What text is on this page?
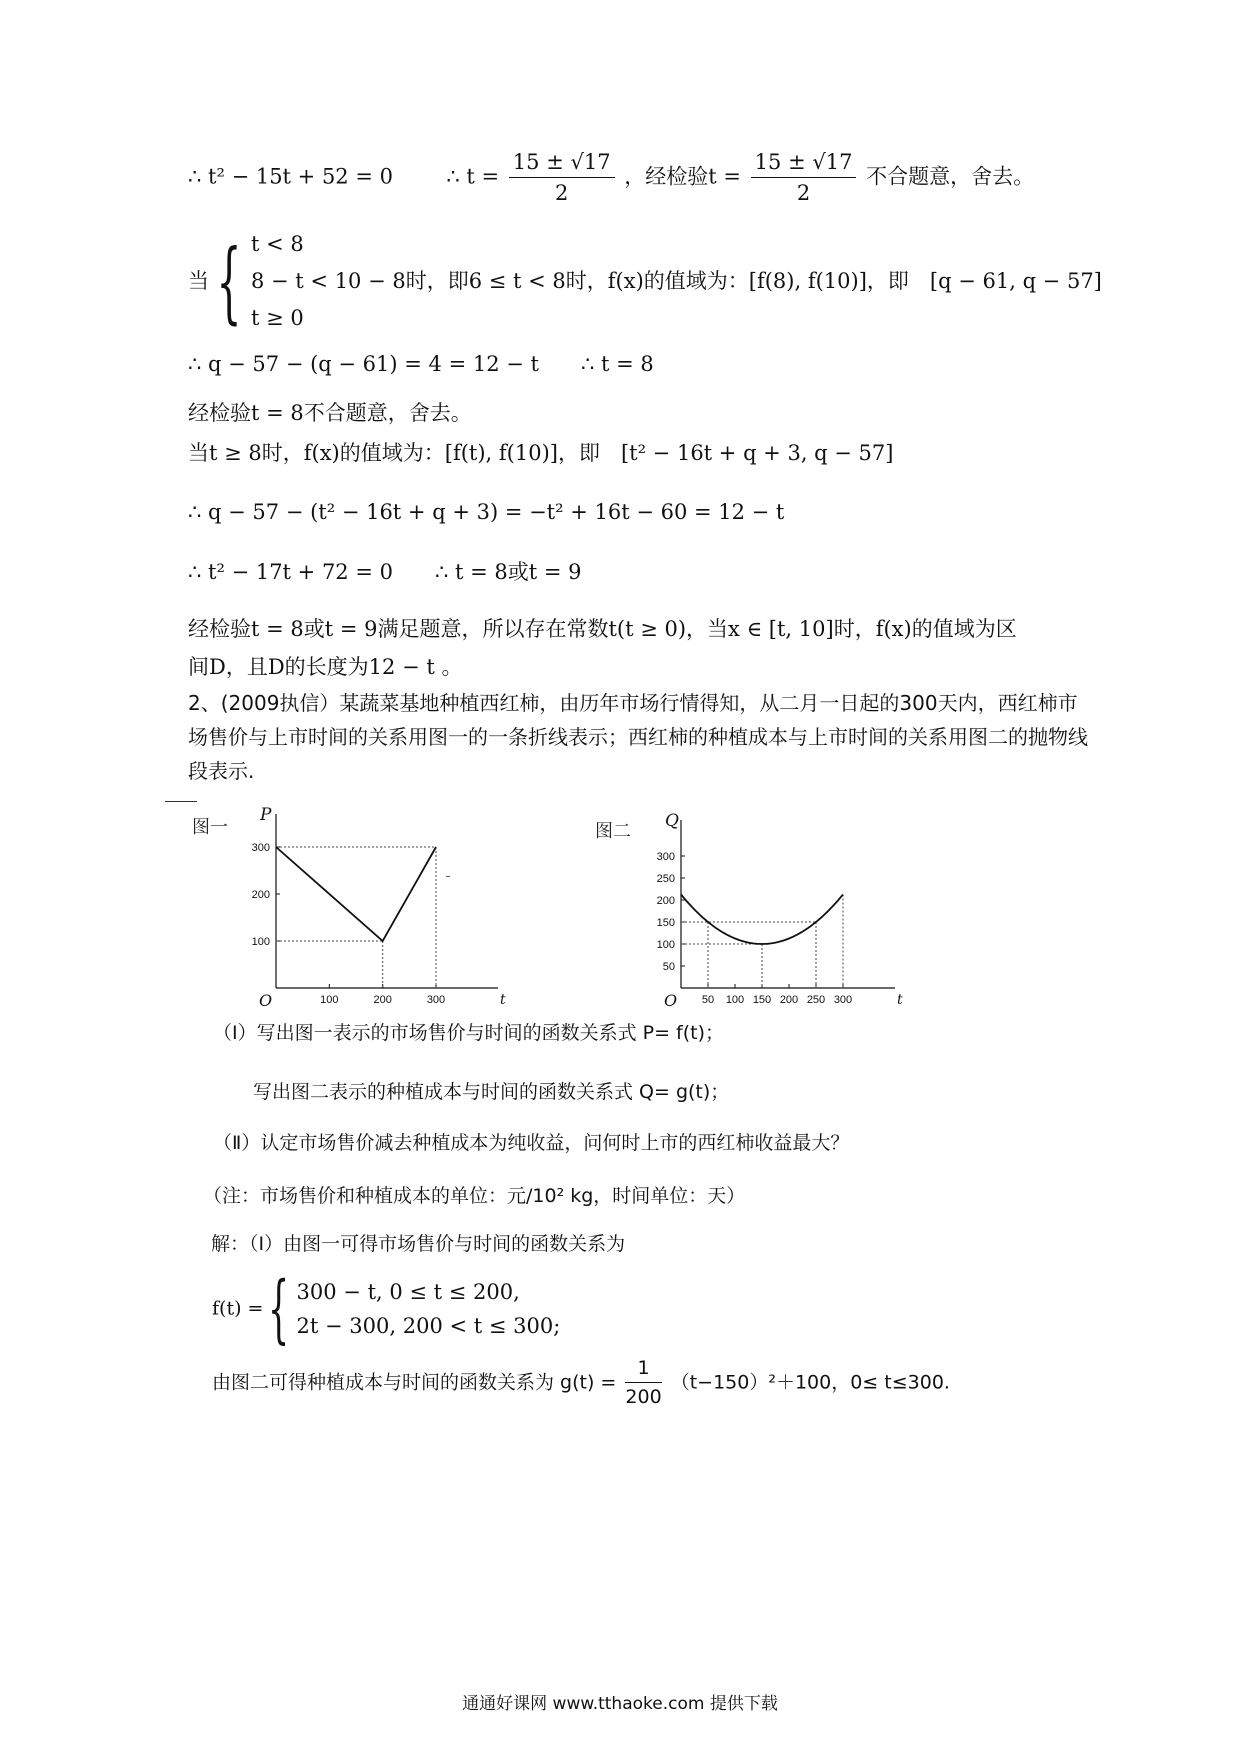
∴ t² − 15t + 52 = 0	∴ $t = \frac{15 \pm √17}{2}$ ，经检验$t = \frac{15 \pm √17}{2}$ 不合题意，舍去。
当{ t < 8
8 − t < 10 − 8时，即6 ≤ t < 8时，f(x)的值域为：[f(8), f(10)]，即　[q − 61, q − 57]
t ≥ 0
∴ q − 57 − (q − 61) = 4 = 12 − t　　∴ t = 8
经检验t = 8不合题意，舍去。
当t ≥ 8时，f(x)的值域为：[f(t), f(10)]，即　[t² − 16t + q + 3, q − 57]
∴ q − 57 − (t² − 16t + q + 3) = −t² + 16t − 60 = 12 − t
∴ t² − 17t + 72 = 0　　∴ t = 8或t = 9
经检验t = 8或t = 9满足题意，所以存在常数t(t ≥ 0)，当x ∈ [t, 10]时，f(x)的值域为区
间D，且D的长度为12 − t 。
2、(2009执信）某蔬菜基地种植西红柿，由历年市场行情得知，从二月一日起的300天内，西红柿市场售价与上市时间的关系用图一的一条折线表示；西红柿的种植成本与上市时间的关系用图二的抛物线段表示.
图一
P
t
O
100
200
300
100	200	300
图二 Q
t
O
50
100
150
200
250
300
50 100 150 200 250 300
（Ⅰ）写出图一表示的市场售价与时间的函数关系式 P= f(t)；
写出图二表示的种植成本与时间的函数关系式 Q= g(t)；
（Ⅱ）认定市场售价减去种植成本为纯收益，问何时上市的西红柿收益最大？
（注：市场售价和种植成本的单位：元/10² kg，时间单位：天）
解：（Ⅰ）由图一可得市场售价与时间的函数关系为
f(t) ={ 300 − t, 0 ≤ t ≤ 200,
2t − 300, 200 < t ≤ 300;
由图二可得种植成本与时间的函数关系为 $g(t) = \frac{1}{200} (t-150)^2+100$，0≤ t≤300.
通通好课网 www.tthaoke.com 提供下载
